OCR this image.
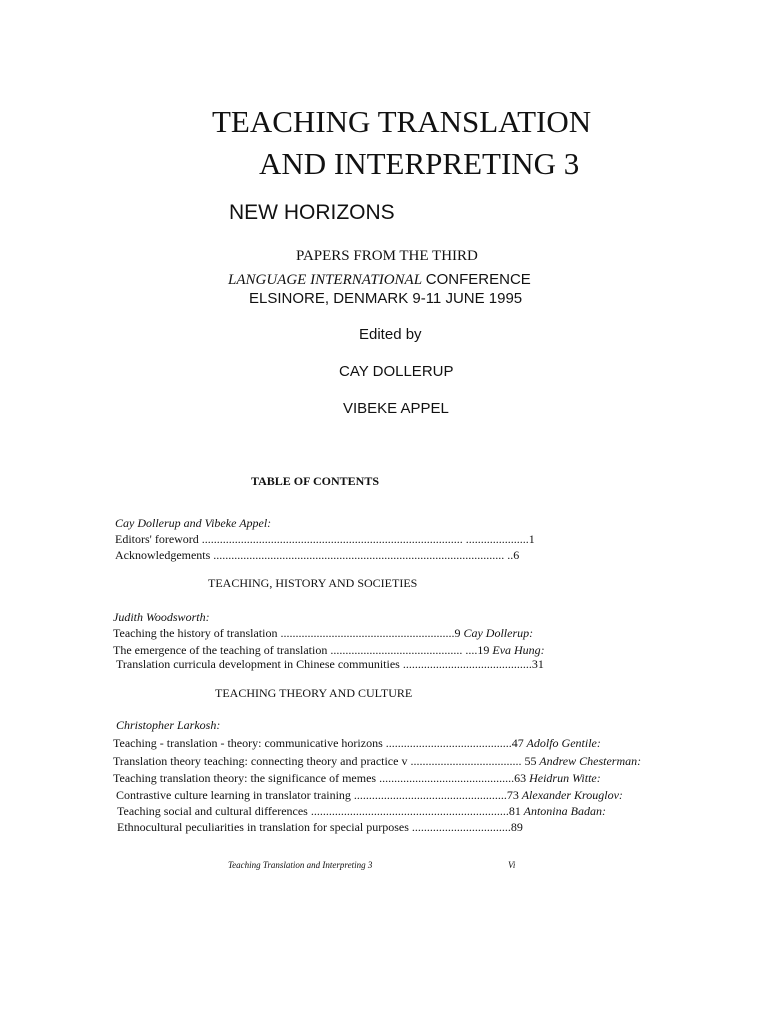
TEACHING TRANSLATION
AND INTERPRETING 3
NEW HORIZONS
PAPERS FROM THE THIRD
LANGUAGE INTERNATIONAL CONFERENCE
ELSINORE, DENMARK 9-11 JUNE 1995
Edited by
CAY DOLLERUP
VIBEKE APPEL
TABLE OF CONTENTS
Cay Dollerup and Vibeke Appel:
Editors' foreword ....................................................................................... .....................1
Acknowledgements ................................................................................................. ..6
TEACHING, HISTORY AND SOCIETIES
Judith Woodsworth:
Teaching the history of translation ..........................................................9 Cay Dollerup:
The emergence of the teaching of translation ............................................ ....19 Eva Hung:
Translation curricula development in Chinese communities ...........................................31
TEACHING THEORY AND CULTURE
Christopher Larkosh:
Teaching - translation - theory: communicative horizons ..........................................47 Adolfo Gentile:
Translation theory teaching: connecting theory and practice v ..................................... 55 Andrew Chesterman:
Teaching translation theory: the significance of memes .............................................63 Heidrun Witte:
Contrastive culture learning in translator training ...................................................73 Alexander Krouglov:
Teaching social and cultural differences ..................................................................81 Antonina Badan:
Ethnocultural peculiarities in translation for special purposes .................................89
Teaching Translation and Interpreting 3	Vi
